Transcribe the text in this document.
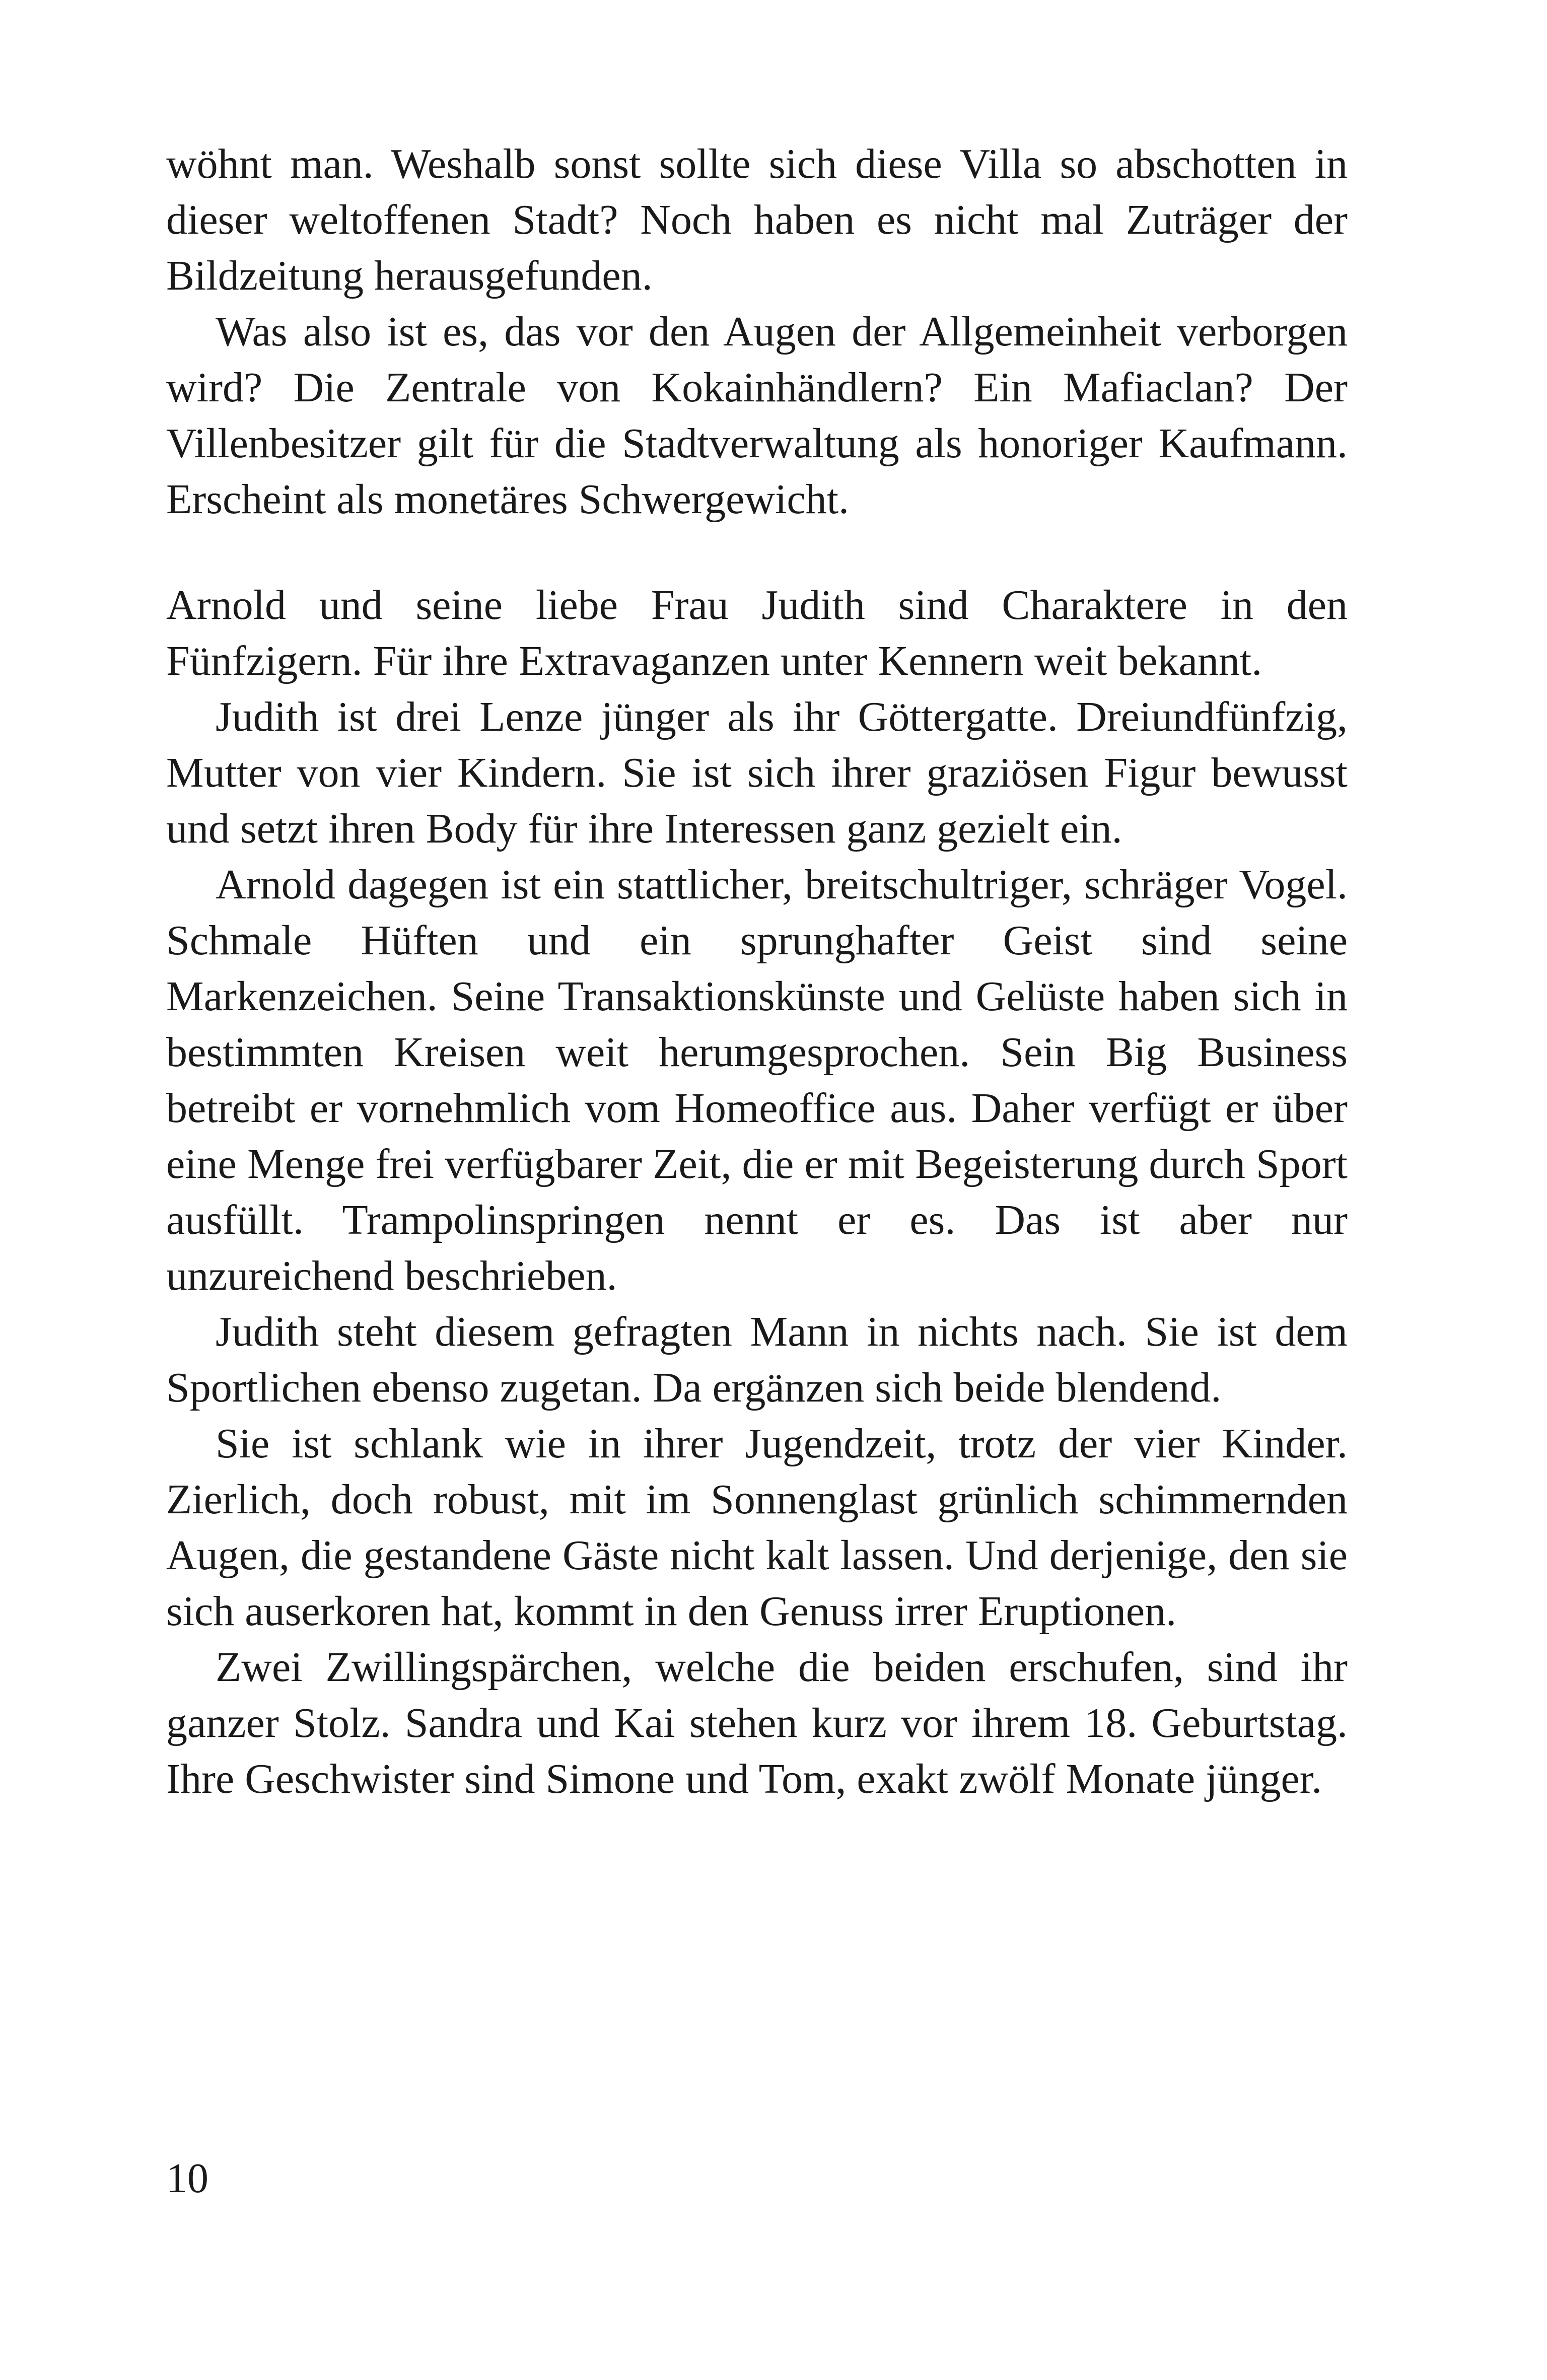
wöhnt man. Weshalb sonst sollte sich diese Villa so abschotten in dieser weltoffenen Stadt? Noch haben es nicht mal Zuträger der Bildzeitung herausgefunden.

Was also ist es, das vor den Augen der Allgemeinheit verborgen wird? Die Zentrale von Kokainhändlern? Ein Mafiaclan? Der Villenbesitzer gilt für die Stadtverwaltung als honoriger Kaufmann. Erscheint als monetäres Schwergewicht.

Arnold und seine liebe Frau Judith sind Charaktere in den Fünfzigern. Für ihre Extravaganzen unter Kennern weit bekannt.

Judith ist drei Lenze jünger als ihr Göttergatte. Dreiundfünfzig, Mutter von vier Kindern. Sie ist sich ihrer graziösen Figur bewusst und setzt ihren Body für ihre Interessen ganz gezielt ein.

Arnold dagegen ist ein stattlicher, breitschultriger, schräger Vogel. Schmale Hüften und ein sprunghafter Geist sind seine Markenzeichen. Seine Transaktionskünste und Gelüste haben sich in bestimmten Kreisen weit herumgesprochen. Sein Big Business betreibt er vornehmlich vom Homeoffice aus. Daher verfügt er über eine Menge frei verfügbarer Zeit, die er mit Begeisterung durch Sport ausfüllt. Trampolinspringen nennt er es. Das ist aber nur unzureichend beschrieben.

Judith steht diesem gefragten Mann in nichts nach. Sie ist dem Sportlichen ebenso zugetan. Da ergänzen sich beide blendend.

Sie ist schlank wie in ihrer Jugendzeit, trotz der vier Kinder. Zierlich, doch robust, mit im Sonnenglast grünlich schimmernden Augen, die gestandene Gäste nicht kalt lassen. Und derjenige, den sie sich auserkoren hat, kommt in den Genuss irrer Eruptionen.

Zwei Zwillingspärchen, welche die beiden erschufen, sind ihr ganzer Stolz. Sandra und Kai stehen kurz vor ihrem 18. Geburtstag. Ihre Geschwister sind Simone und Tom, exakt zwölf Monate jünger.

10
